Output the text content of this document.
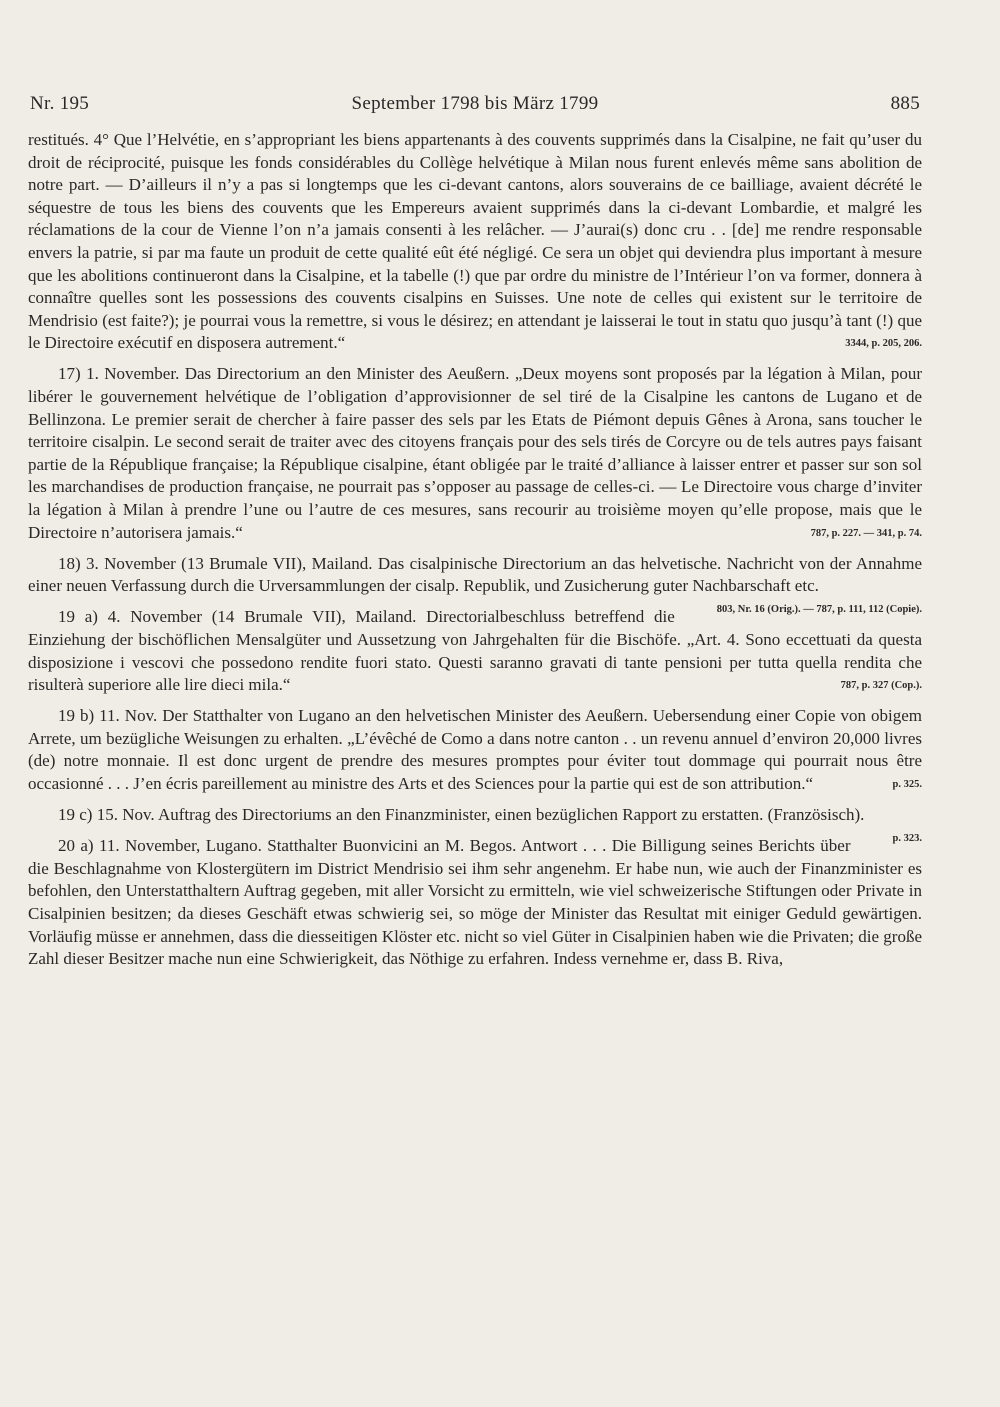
Nr. 195	September 1798 bis März 1799	885

restitués. 4° Que l’Helvétie, en s’appropriant les biens appartenants à des couvents supprimés dans la Cisalpine, ne fait qu’user du droit de réciprocité, puisque les fonds considérables du Collège helvétique à Milan nous furent enlevés même sans abolition de notre part. — D’ailleurs il n’y a pas si longtemps que les ci-devant cantons, alors souverains de ce bailliage, avaient décrété le séquestre de tous les biens des couvents que les Empereurs avaient supprimés dans la ci-devant Lombardie, et malgré les réclamations de la cour de Vienne l’on n’a jamais consenti à les relâcher. — J’aurai(s) donc cru . . [de] me rendre responsable envers la patrie, si par ma faute un produit de cette qualité eût été négligé. Ce sera un objet qui deviendra plus important à mesure que les abolitions continueront dans la Cisalpine, et la tabelle (!) que par ordre du ministre de l’Intérieur l’on va former, donnera à connaître quelles sont les possessions des couvents cisalpins en Suisses. Une note de celles qui existent sur le territoire de Mendrisio (est faite?); je pourrai vous la remettre, si vous le désirez; en attendant je laisserai le tout in statu quo jusqu’à tant (!) que le Directoire exécutif en disposera autrement.“	3344, p. 205, 206.

17) 1. November. Das Directorium an den Minister des Aeußern. „Deux moyens sont proposés par la légation à Milan, pour libérer le gouvernement helvétique de l’obligation d’approvisionner de sel tiré de la Cisalpine les cantons de Lugano et de Bellinzona. Le premier serait de chercher à faire passer des sels par les Etats de Piémont depuis Gênes à Arona, sans toucher le territoire cisalpin. Le second serait de traiter avec des citoyens français pour des sels tirés de Corcyre ou de tels autres pays faisant partie de la République française; la République cisalpine, étant obligée par le traité d’alliance à laisser entrer et passer sur son sol les marchandises de production française, ne pourrait pas s’opposer au passage de celles-ci. — Le Directoire vous charge d’inviter la légation à Milan à prendre l’une ou l’autre de ces mesures, sans recourir au troisième moyen qu’elle propose, mais que le Directoire n’autorisera jamais.“	787, p. 227. — 341, p. 74.

18) 3. November (13 Brumale VII), Mailand. Das cisalpinische Directorium an das helvetische. Nachricht von der Annahme einer neuen Verfassung durch die Urversammlungen der cisalp. Republik, und Zusicherung guter Nachbarschaft etc.
803, Nr. 16 (Orig.). — 787, p. 111, 112 (Copie).

19 a) 4. November (14 Brumale VII), Mailand. Directorialbeschluss betreffend die Einziehung der bischöflichen Mensalgüter und Aussetzung von Jahrgehalten für die Bischöfe. „Art. 4. Sono eccettuati da questa disposizione i vescovi che possedono rendite fuori stato. Questi saranno gravati di tante pensioni per tutta quella rendita che risulterà superiore alle lire dieci mila.“	787, p. 327 (Cop.).

19 b) 11. Nov. Der Statthalter von Lugano an den helvetischen Minister des Aeußern. Uebersendung einer Copie von obigem Arrete, um bezügliche Weisungen zu erhalten. „L’évêché de Como a dans notre canton . . un revenu annuel d’environ 20,000 livres (de) notre monnaie. Il est donc urgent de prendre des mesures promptes pour éviter tout dommage qui pourrait nous être occasionné . . . J’en écris pareillement au ministre des Arts et des Sciences pour la partie qui est de son attribution.“	p. 325.

19 c) 15. Nov. Auftrag des Directoriums an den Finanzminister, einen bezüglichen Rapport zu erstatten. (Französisch).
p. 323.

20 a) 11. November, Lugano. Statthalter Buonvicini an M. Begos. Antwort . . . Die Billigung seines Berichts über die Beschlagnahme von Klostergütern im District Mendrisio sei ihm sehr angenehm. Er habe nun, wie auch der Finanzminister es befohlen, den Unterstatthaltern Auftrag gegeben, mit aller Vorsicht zu ermitteln, wie viel schweizerische Stiftungen oder Private in Cisalpinien besitzen; da dieses Geschäft etwas schwierig sei, so möge der Minister das Resultat mit einiger Geduld gewärtigen. Vorläufig müsse er annehmen, dass die diesseitigen Klöster etc. nicht so viel Güter in Cisalpinien haben wie die Privaten; die große Zahl dieser Besitzer mache nun eine Schwierigkeit, das Nöthige zu erfahren. Indess vernehme er, dass B. Riva,
